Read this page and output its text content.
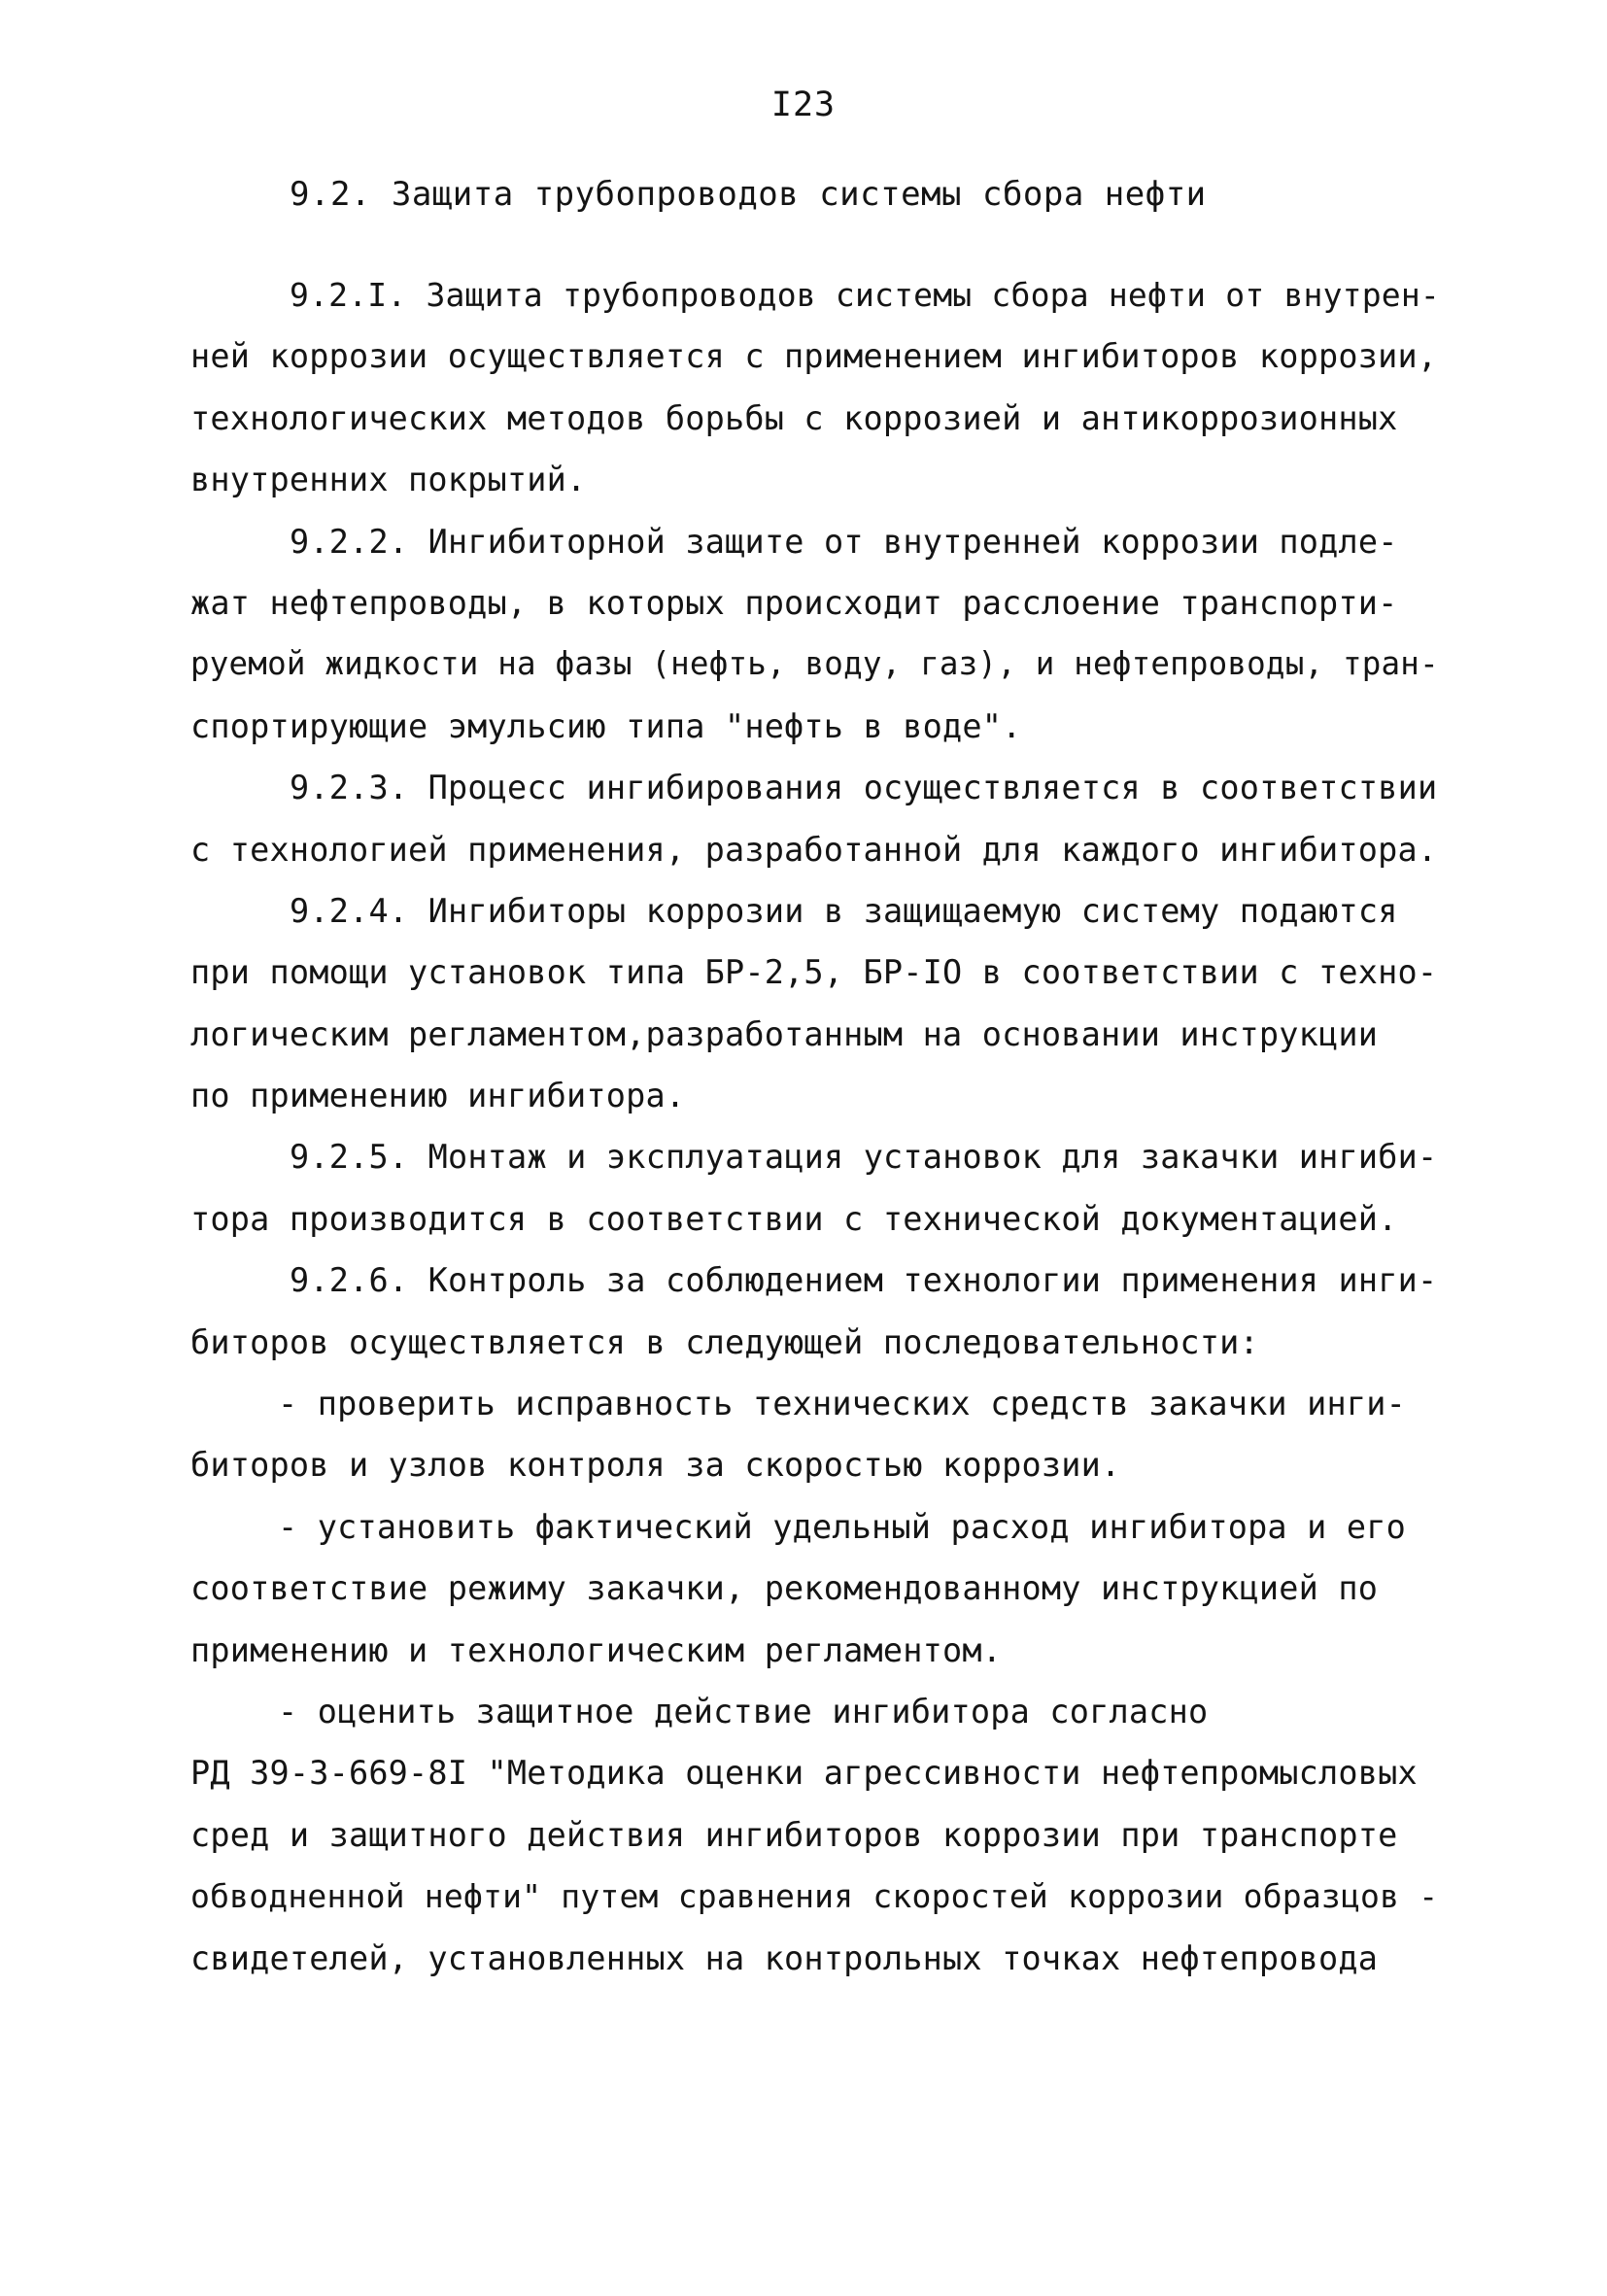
I23
9.2. Защита трубопроводов системы сбора нефти
9.2.I. Защита трубопроводов системы сбора нефти от внутрен-
ней коррозии осуществляется с применением ингибиторов коррозии,
технологических методов борьбы с коррозией и антикоррозионных
внутренних покрытий.
9.2.2. Ингибиторной защите от внутренней коррозии подле-
жат нефтепроводы, в которых происходит расслоение транспорти-
руемой жидкости на фазы (нефть, воду, газ), и нефтепроводы, тран-
спортирующие эмульсию типа "нефть в воде".
9.2.3. Процесс ингибирования осуществляется в соответствии
с технологией применения, разработанной для каждого ингибитора.
9.2.4. Ингибиторы коррозии в защищаемую систему подаются
при помощи установок типа БР-2,5, БР-IO в соответствии с техно-
логическим регламентом,разработанным на основании инструкции
по применению ингибитора.
9.2.5. Монтаж и эксплуатация установок для закачки ингиби-
тора производится в соответствии с технической документацией.
9.2.6. Контроль за соблюдением технологии применения инги-
биторов осуществляется в следующей последовательности:
- проверить исправность технических средств закачки инги-
биторов и узлов контроля за скоростью коррозии.
- установить фактический удельный расход ингибитора и его
соответствие режиму закачки, рекомендованному инструкцией по
применению и технологическим регламентом.
- оценить защитное действие ингибитора согласно
РД 39-3-669-8I "Методика оценки агрессивности нефтепромысловых
сред и защитного действия ингибиторов коррозии при транспорте
обводненной нефти" путем сравнения скоростей коррозии образцов -
свидетелей, установленных на контрольных точках нефтепровода
